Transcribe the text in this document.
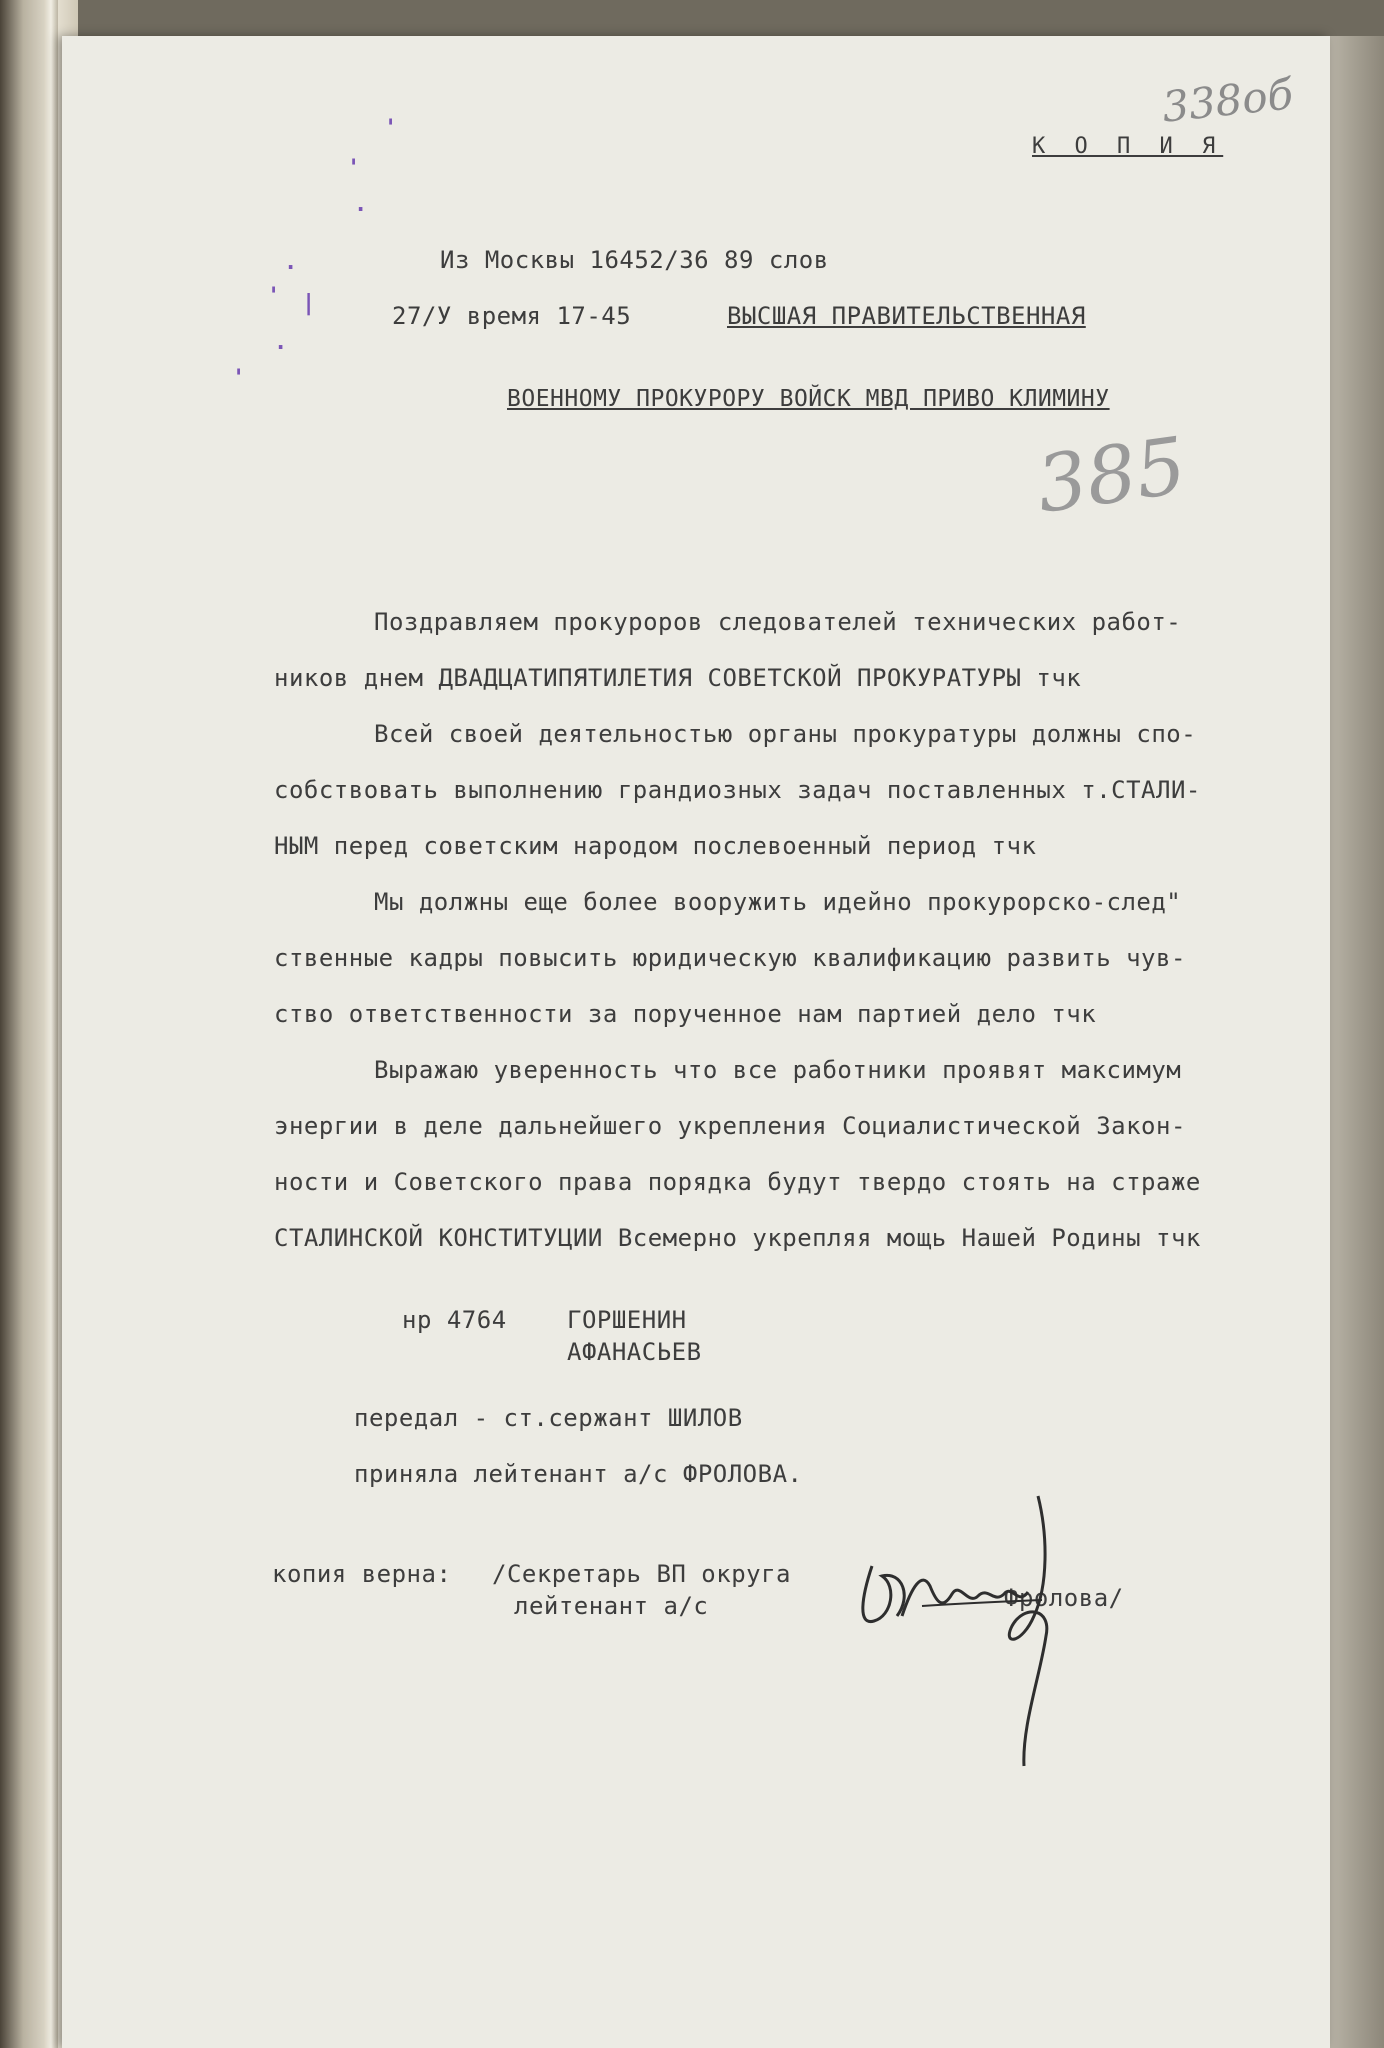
'
'
·
·
' |
·
'
338об
К О П И Я
Из Москвы 16452/36 89 слов
27/У время 17-45	ВЫСШАЯ ПРАВИТЕЛЬСТВЕННАЯ
ВОЕННОМУ ПРОКУРОРУ ВОЙСК МВД ПРИВО КЛИМИНУ
385
Поздравляем прокуроров следователей технических работ-
ников днем ДВАДЦАТИПЯТИЛЕТИЯ СОВЕТСКОЙ ПРОКУРАТУРЫ тчк
Всей своей деятельностью органы прокуратуры должны спо-
собствовать выполнению грандиозных задач поставленных т.СТАЛИ-
НЫМ перед советским народом послевоенный период тчк
Мы должны еще более вооружить идейно прокурорско-след"
ственные кадры повысить юридическую квалификацию развить чув-
ство ответственности за порученное нам партией дело тчк
Выражаю уверенность что все работники проявят максимум
энергии в деле дальнейшего укрепления Социалистической Закон-
ности и Советского права порядка будут твердо стоять на страже
СТАЛИНСКОЙ КОНСТИТУЦИИ Всемерно укрепляя мощь Нашей Родины тчк
нр 4764	ГОРШЕНИН
АФАНАСЬЕВ
передал - ст.сержант ШИЛОВ
приняла лейтенант а/с ФРОЛОВА.
копия верна: /Секретарь ВП округа
лейтенант а/с	Фролова/
